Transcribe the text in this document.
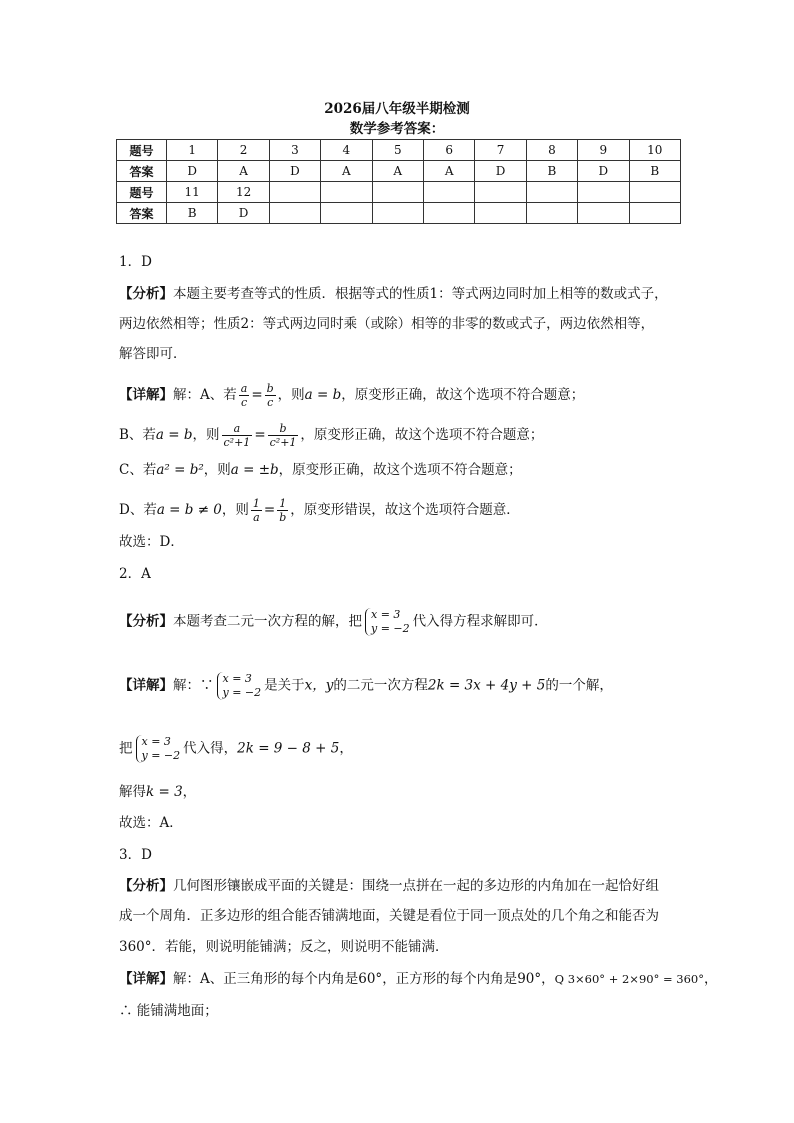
2026届八年级半期检测
数学参考答案：
题号	1	2	3	4	5	6	7	8	9	10
答案	D	A	D	A	A	A	D	B	D	B
题号	11	12								
答案	B	D								
1．D
【分析】本题主要考查等式的性质．根据等式的性质1：等式两边同时加上相等的数或式子，
两边依然相等；性质2：等式两边同时乘（或除）相等的非零的数或式子，两边依然相等，
解答即可．
【详解】解：A、若 $\frac{a}{c} = \frac{b}{c}$ ，则a = b，原变形正确，故这个选项不符合题意；
B、若a = b，则 $\frac{a}{\text{c²+1}} = \frac{b}{\text{c²+1}}$ ，原变形正确，故这个选项不符合题意；
C、若a² = b²，则a = ±b，原变形正确，故这个选项不符合题意；
D、若a = b ≠ 0，则 $\frac{1}{a} = \frac{1}{b}$ ，原变形错误，故这个选项符合题意．
故选：D．
2．A
【分析】本题考查二元一次方程的解，把 x = 3
y = −2 代入得方程求解即可．
【详解】解：∵ x = 3
y = −2 是关于x，y的二元一次方程2k = 3x + 4y + 5的一个解，
把 x = 3
y = −2 代入得，2k = 9 − 8 + 5，
解得k = 3，
故选：A．
3．D
【分析】几何图形镶嵌成平面的关键是：围绕一点拼在一起的多边形的内角加在一起恰好组
成一个周角．正多边形的组合能否铺满地面，关键是看位于同一顶点处的几个角之和能否为
360°．若能，则说明能铺满；反之，则说明不能铺满．
【详解】解：A、正三角形的每个内角是60°，正方形的每个内角是90°，Q 3×60° + 2×90° = 360°，
∴ 能铺满地面；
